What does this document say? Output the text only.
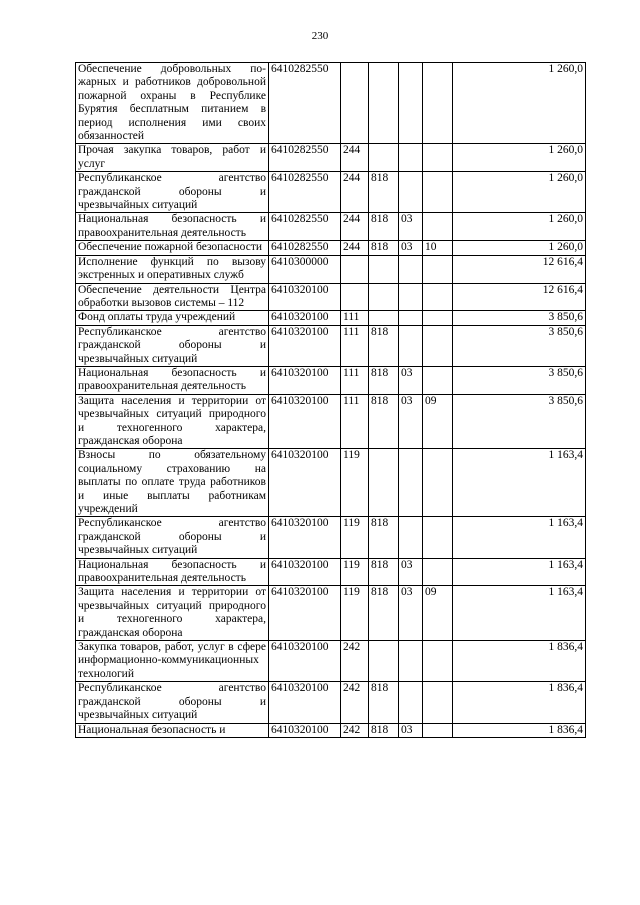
230
Обеспечение добровольных по-жарных и работников добровольной пожарной охраны в Республике Бурятия бесплатным питанием в период исполнения ими своих обязанностей	6410282550					1 260,0
Прочая закупка товаров, работ и услуг	6410282550	244				1 260,0
Республиканское агентство гражданской обороны и чрезвычайных ситуаций	6410282550	244	818			1 260,0
Национальная безопасность и правоохранительная деятельность	6410282550	244	818	03		1 260,0
Обеспечение пожарной безопасности	6410282550	244	818	03	10	1 260,0
Исполнение функций по вызову экстренных и оперативных служб	6410300000					12 616,4
Обеспечение деятельности Центра обработки вызовов системы – 112	6410320100					12 616,4
Фонд оплаты труда учреждений	6410320100	111				3 850,6
Республиканское агентство гражданской обороны и чрезвычайных ситуаций	6410320100	111	818			3 850,6
Национальная безопасность и правоохранительная деятельность	6410320100	111	818	03		3 850,6
Защита населения и территории от чрезвычайных ситуаций природного и техногенного характера, гражданская оборона	6410320100	111	818	03	09	3 850,6
Взносы по обязательному социальному страхованию на выплаты по оплате труда работников и иные выплаты работникам учреждений	6410320100	119				1 163,4
Республиканское агентство гражданской обороны и чрезвычайных ситуаций	6410320100	119	818			1 163,4
Национальная безопасность и правоохранительная деятельность	6410320100	119	818	03		1 163,4
Защита населения и территории от чрезвычайных ситуаций природного и техногенного характера, гражданская оборона	6410320100	119	818	03	09	1 163,4
Закупка товаров, работ, услуг в сфере информационно-коммуникационных технологий	6410320100	242				1 836,4
Республиканское агентство гражданской обороны и чрезвычайных ситуаций	6410320100	242	818			1 836,4
Национальная безопасность и	6410320100	242	818	03		1 836,4
